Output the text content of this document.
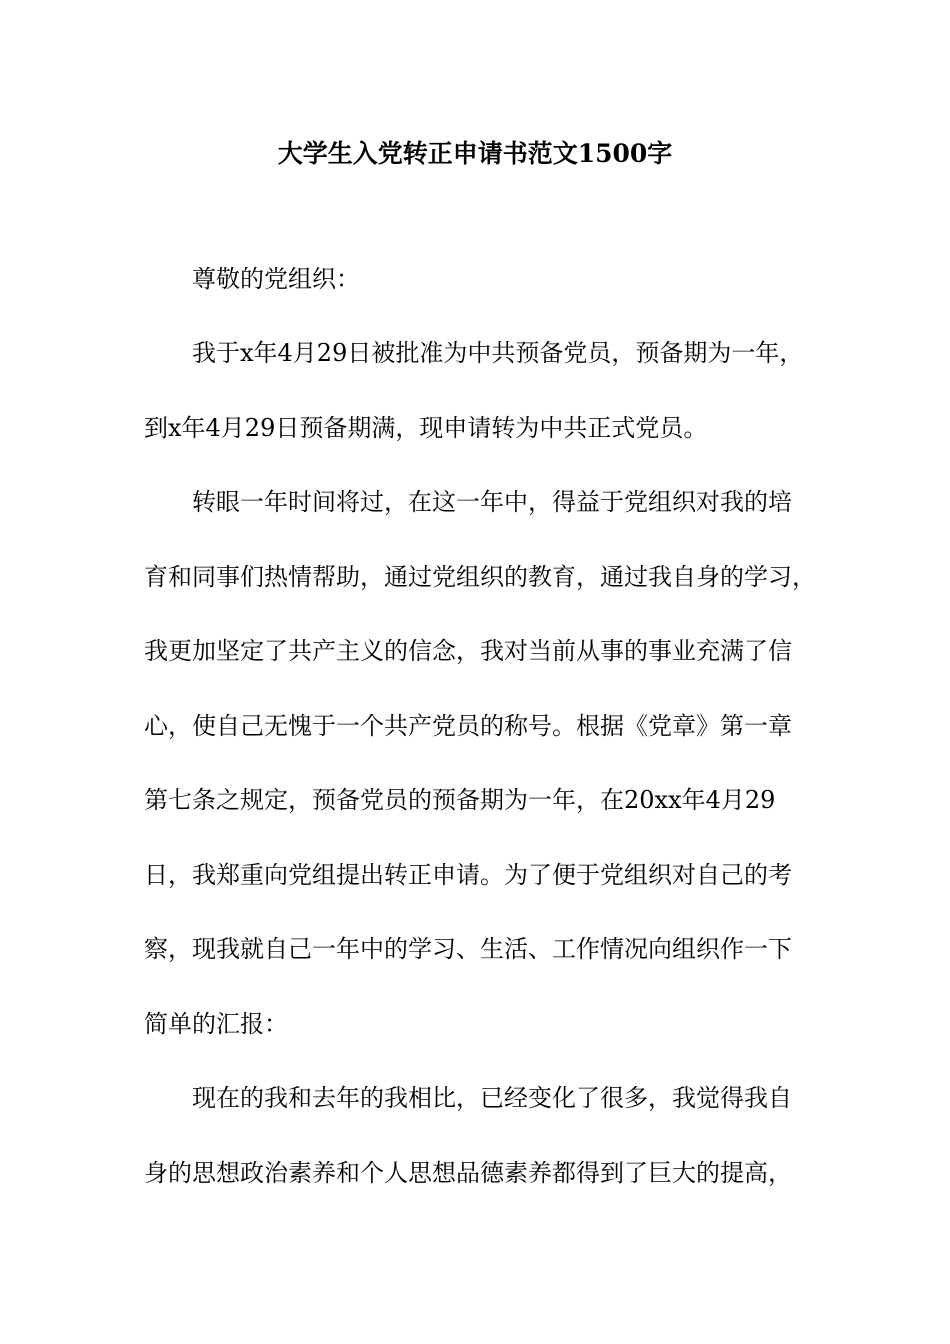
大学生入党转正申请书范文1500字
尊敬的党组织：
我于x年4月29日被批准为中共预备党员，预备期为一年，
到x年4月29日预备期满，现申请转为中共正式党员。
转眼一年时间将过，在这一年中，得益于党组织对我的培
育和同事们热情帮助，通过党组织的教育，通过我自身的学习，
我更加坚定了共产主义的信念，我对当前从事的事业充满了信
心，使自己无愧于一个共产党员的称号。根据《党章》第一章
第七条之规定，预备党员的预备期为一年，在20xx年4月29
日，我郑重向党组提出转正申请。为了便于党组织对自己的考
察，现我就自己一年中的学习、生活、工作情况向组织作一下
简单的汇报：
现在的我和去年的我相比，已经变化了很多，我觉得我自
身的思想政治素养和个人思想品德素养都得到了巨大的提高，
